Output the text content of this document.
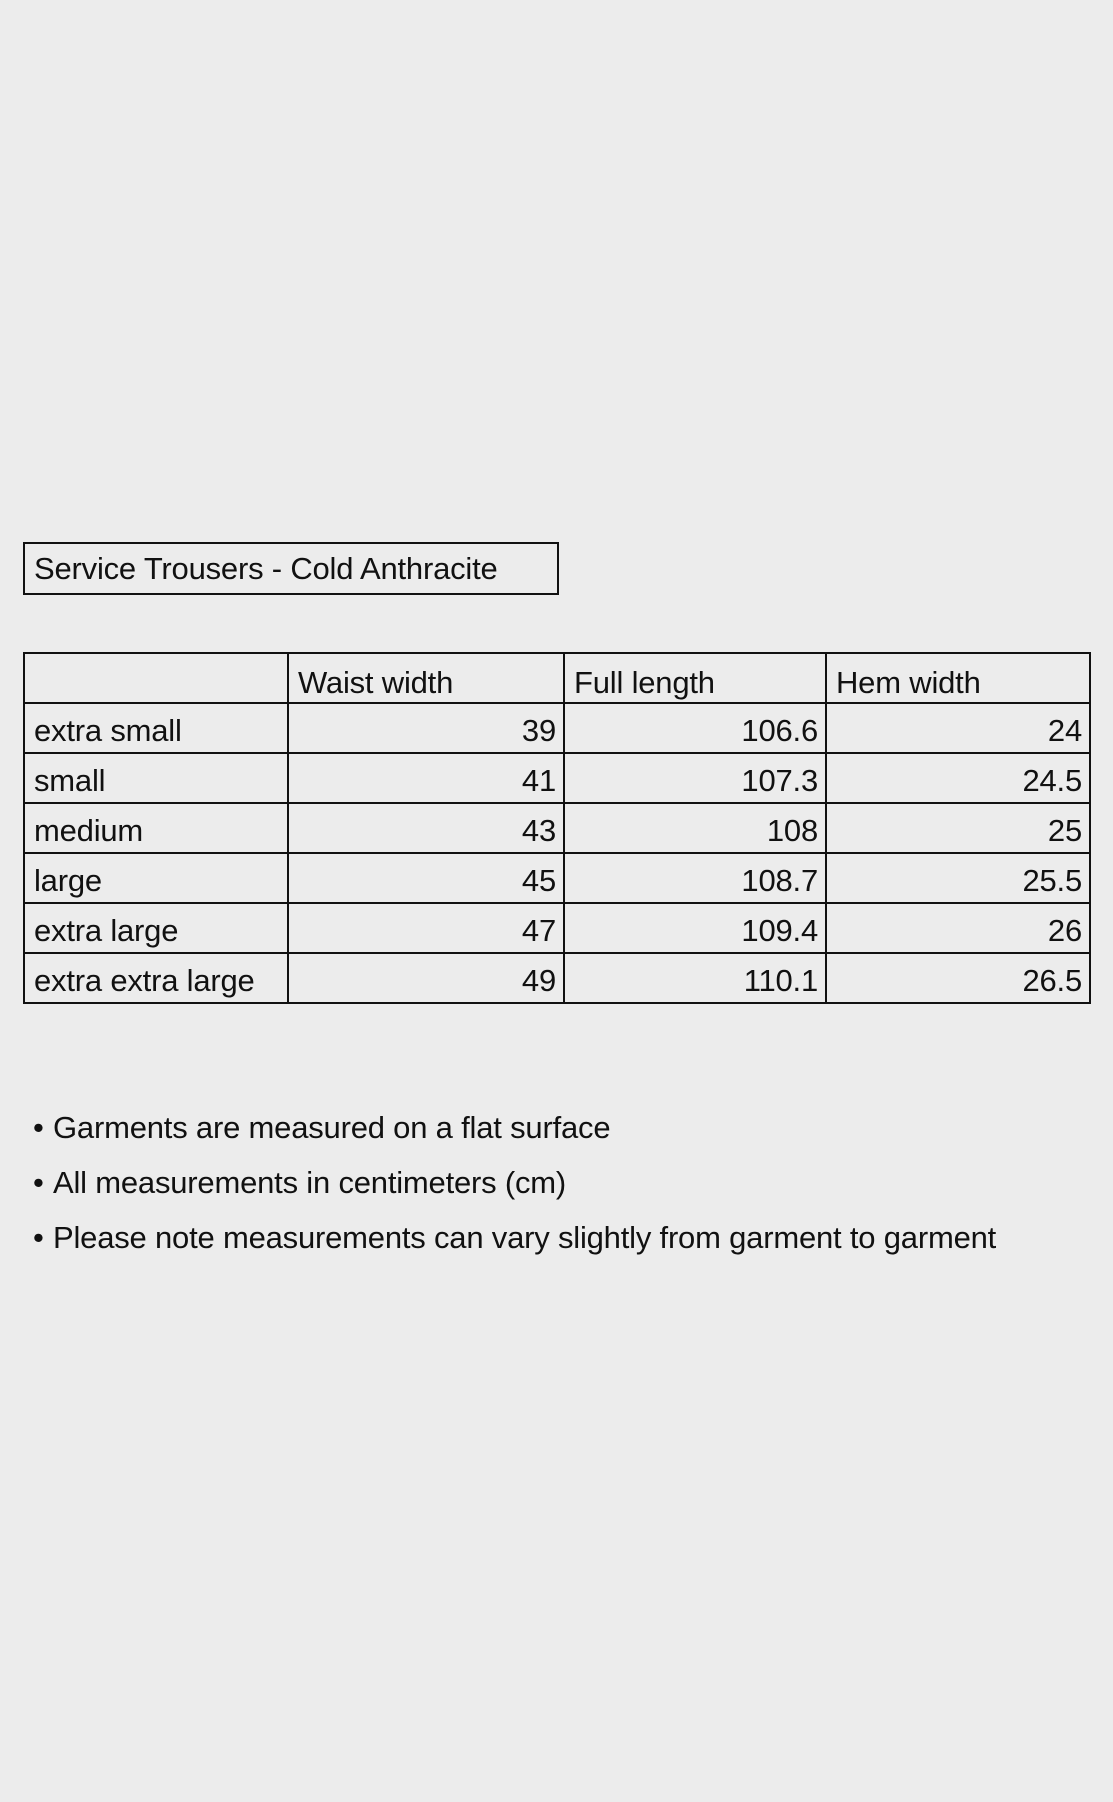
Service Trousers - Cold Anthracite
	Waist width	Full length	Hem width
extra small	39	106.6	24
small	41	107.3	24.5
medium	43	108	25
large	45	108.7	25.5
extra large	47	109.4	26
extra extra large	49	110.1	26.5
• Garments are measured on a flat surface
• All measurements in centimeters (cm)
• Please note measurements can vary slightly from garment to garment
